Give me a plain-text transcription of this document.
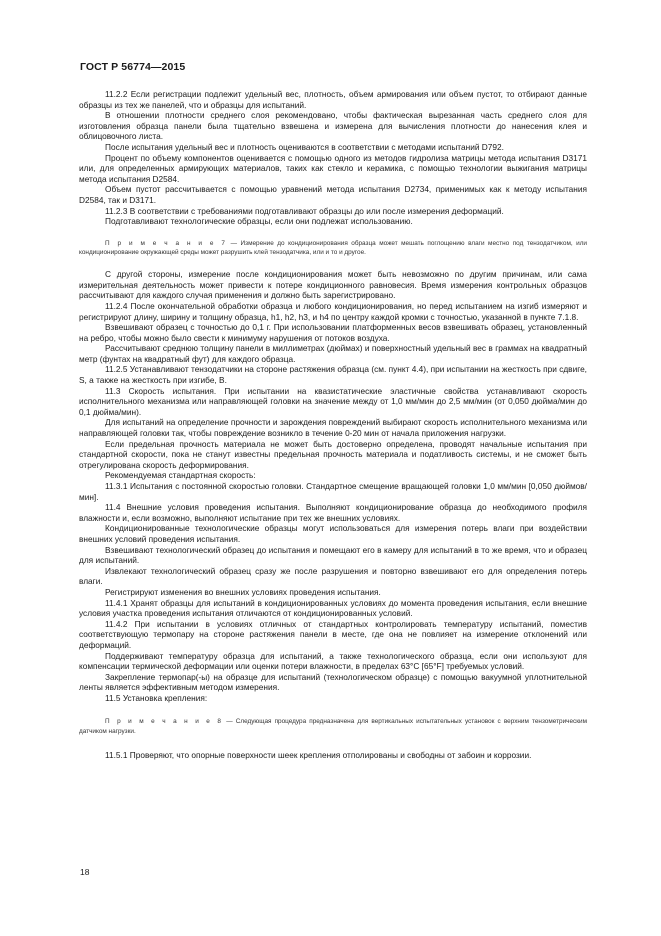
ГОСТ Р 56774—2015

11.2.2 Если регистрации подлежит удельный вес, плотность, объем армирования или объем пустот, то отбирают данные образцы из тех же панелей, что и образцы для испытаний.

В отношении плотности среднего слоя рекомендовано, чтобы фактическая вырезанная часть среднего слоя для изготовления образца панели была тщательно взвешена и измерена для вычисления плотности до нанесения клея и облицовочного листа.

После испытания удельный вес и плотность оцениваются в соответствии с методами испытаний D792.

Процент по объему компонентов оценивается с помощью одного из методов гидролиза матрицы метода испытания D3171 или, для определенных армирующих материалов, таких как стекло и керамика, с помощью технологии выжигания матрицы метода испытания D2584.

Объем пустот рассчитывается с помощью уравнений метода испытания D2734, применимых как к методу испытания D2584, так и D3171.

11.2.3 В соответствии с требованиями подготавливают образцы до или после измерения деформаций.

Подготавливают технологические образцы, если они подлежат использованию.

П р и м е ч а н и е 7 — Измерение до кондиционирования образца может мешать поглощению влаги местно под тензодатчиком, или кондиционирование окружающей среды может разрушить клей тензодатчика, или и то и другое.

С другой стороны, измерение после кондиционирования может быть невозможно по другим причинам, или сама измерительная деятельность может привести к потере кондиционного равновесия. Время измерения контрольных образцов рассчитывают для каждого случая применения и должно быть зарегистрировано.

11.2.4 После окончательной обработки образца и любого кондиционирования, но перед испытанием на изгиб измеряют и регистрируют длину, ширину и толщину образца, h1, h2, h3, и h4 по центру каждой кромки с точностью, указанной в пункте 7.1.8.

Взвешивают образец с точностью до 0,1 г. При использовании платформенных весов взвешивать образец, установленный на ребро, чтобы можно было свести к минимуму нарушения от потоков воздуха.

Рассчитывают среднюю толщину панели в миллиметрах (дюймах) и поверхностный удельный вес в граммах на квадратный метр (фунтах на квадратный фут) для каждого образца.

11.2.5 Устанавливают тензодатчики на стороне растяжения образца (см. пункт 4.4), при испытании на жесткость при сдвиге, S, а также на жесткость при изгибе, В.

11.3 Скорость испытания. При испытании на квазистатические эластичные свойства устанавливают скорость исполнительного механизма или направляющей головки на значение между от 1,0 мм/мин до 2,5 мм/мин (от 0,050 дюйма/мин до 0,1 дюйма/мин).

Для испытаний на определение прочности и зарождения повреждений выбирают скорость исполнительного механизма или направляющей головки так, чтобы повреждение возникло в течение 0-20 мин от начала приложения нагрузки.

Если предельная прочность материала не может быть достоверно определена, проводят начальные испытания при стандартной скорости, пока не станут известны предельная прочность материала и податливость системы, и не сможет быть отрегулирована скорость деформирования.

Рекомендуемая стандартная скорость:

11.3.1 Испытания с постоянной скоростью головки. Стандартное смещение вращающей головки 1,0 мм/мин [0,050 дюймов/мин].

11.4 Внешние условия проведения испытания. Выполняют кондиционирование образца до необходимого профиля влажности и, если возможно, выполняют испытание при тех же внешних условиях.

Кондиционированные технологические образцы могут использоваться для измерения потерь влаги при воздействии внешних условий проведения испытания.

Взвешивают технологический образец до испытания и помещают его в камеру для испытаний в то же время, что и образец для испытаний.

Извлекают технологический образец сразу же после разрушения и повторно взвешивают его для определения потерь влаги.

Регистрируют изменения во внешних условиях проведения испытания.

11.4.1 Хранят образцы для испытаний в кондиционированных условиях до момента проведения испытания, если внешние условия участка проведения испытания отличаются от кондиционированных условий.

11.4.2 При испытании в условиях отличных от стандартных контролировать температуру испытаний, поместив соответствующую термопару на стороне растяжения панели в месте, где она не повлияет на измерение отклонений или деформаций.

Поддерживают температуру образца для испытаний, а также технологического образца, если они используют для компенсации термической деформации или оценки потери влажности, в пределах 63°С [65°F] требуемых условий.

Закрепление термопар(-ы) на образце для испытаний (технологическом образце) с помощью вакуумной уплотнительной ленты является эффективным методом измерения.

11.5 Установка крепления:

П р и м е ч а н и е 8 — Следующая процедура предназначена для вертикальных испытательных установок с верхним тензометрическим датчиком нагрузки.

11.5.1 Проверяют, что опорные поверхности шеек крепления отполированы и свободны от забоин и коррозии.

18
